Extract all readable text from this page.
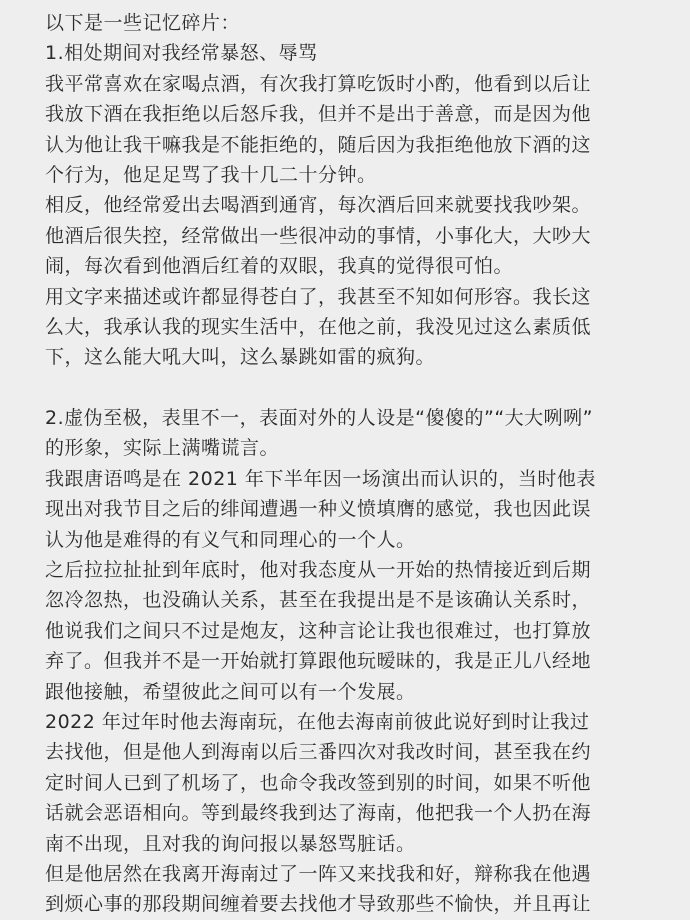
以下是一些记忆碎片：
1.相处期间对我经常暴怒、辱骂
我平常喜欢在家喝点酒，有次我打算吃饭时小酌，他看到以后让
我放下酒在我拒绝以后怒斥我，但并不是出于善意，而是因为他
认为他让我干嘛我是不能拒绝的，随后因为我拒绝他放下酒的这
个行为，他足足骂了我十几二十分钟。
相反，他经常爱出去喝酒到通宵，每次酒后回来就要找我吵架。
他酒后很失控，经常做出一些很冲动的事情，小事化大，大吵大
闹，每次看到他酒后红着的双眼，我真的觉得很可怕。
用文字来描述或许都显得苍白了，我甚至不知如何形容。我长这
么大，我承认我的现实生活中，在他之前，我没见过这么素质低
下，这么能大吼大叫，这么暴跳如雷的疯狗。
2.虚伪至极，表里不一，表面对外的人设是“傻傻的”“大大咧咧”
的形象，实际上满嘴谎言。
我跟唐语鸣是在 2021 年下半年因一场演出而认识的，当时他表
现出对我节目之后的绯闻遭遇一种义愤填膺的感觉，我也因此误
认为他是难得的有义气和同理心的一个人。
之后拉拉扯扯到年底时，他对我态度从一开始的热情接近到后期
忽冷忽热，也没确认关系，甚至在我提出是不是该确认关系时，
他说我们之间只不过是炮友，这种言论让我也很难过，也打算放
弃了。但我并不是一开始就打算跟他玩暧昧的，我是正儿八经地
跟他接触，希望彼此之间可以有一个发展。
2022 年过年时他去海南玩，在他去海南前彼此说好到时让我过
去找他，但是他人到海南以后三番四次对我改时间，甚至我在约
定时间人已到了机场了，也命令我改签到别的时间，如果不听他
话就会恶语相向。等到最终我到达了海南，他把我一个人扔在海
南不出现，且对我的询问报以暴怒骂脏话。
但是他居然在我离开海南过了一阵又来找我和好，辩称我在他遇
到烦心事的那段期间缠着要去找他才导致那些不愉快，并且再让
